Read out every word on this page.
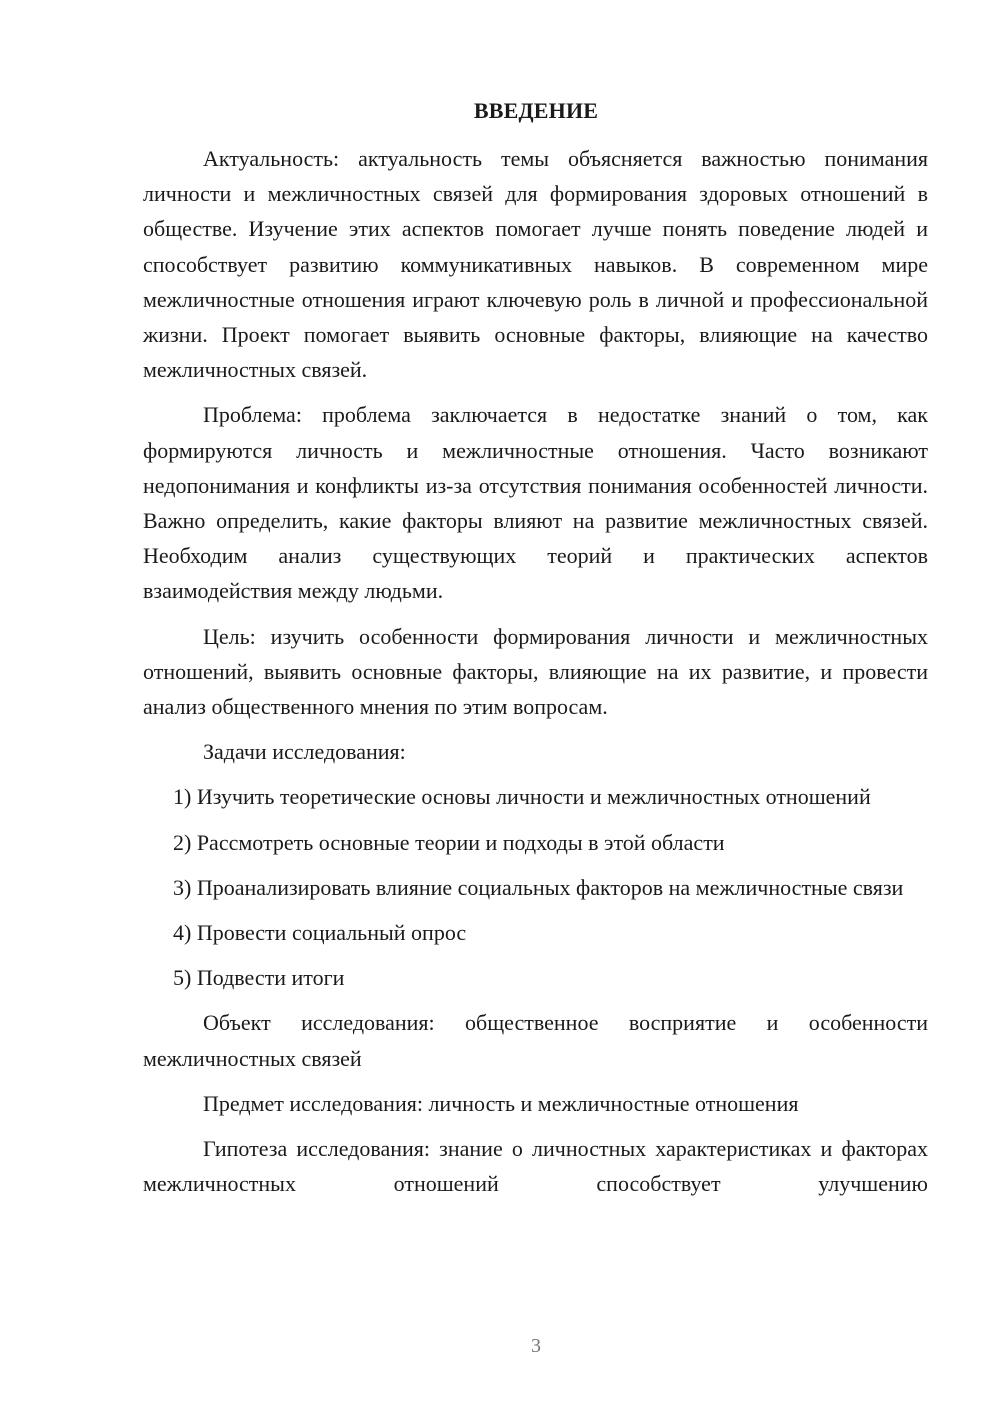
ВВЕДЕНИЕ

Актуальность: актуальность темы объясняется важностью понимания личности и межличностных связей для формирования здоровых отношений в обществе. Изучение этих аспектов помогает лучше понять поведение людей и способствует развитию коммуникативных навыков. В современном мире межличностные отношения играют ключевую роль в личной и профессиональной жизни. Проект помогает выявить основные факторы, влияющие на качество межличностных связей.

Проблема: проблема заключается в недостатке знаний о том, как формируются личность и межличностные отношения. Часто возникают недопонимания и конфликты из-за отсутствия понимания особенностей личности. Важно определить, какие факторы влияют на развитие межличностных связей. Необходим анализ существующих теорий и практических аспектов взаимодействия между людьми.

Цель: изучить особенности формирования личности и межличностных отношений, выявить основные факторы, влияющие на их развитие, и провести анализ общественного мнения по этим вопросам.

Задачи исследования:

1) Изучить теоретические основы личности и межличностных отношений

2) Рассмотреть основные теории и подходы в этой области

3) Проанализировать влияние социальных факторов на межличностные связи

4) Провести социальный опрос

5) Подвести итоги

Объект исследования: общественное восприятие и особенности межличностных связей

Предмет исследования: личность и межличностные отношения

Гипотеза исследования: знание о личностных характеристиках и факторах межличностных отношений способствует улучшению

3
